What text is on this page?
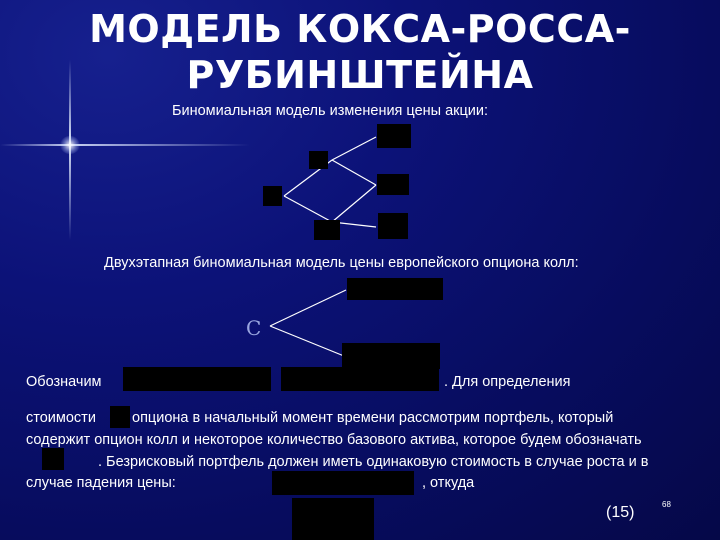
МОДЕЛЬ КОКСА-РОССА-
РУБИНШТЕЙНА
Биномиальная модель изменения цены акции:
Двухэтапная биномиальная модель цены европейского опциона колл:
C
Обозначим	. Для определения
стоимости опциона в начальный момент времени рассмотрим портфель, который
содержит опцион колл и некоторое количество базового актива, которое будем обозначать
. Безрисковый портфель должен иметь одинаковую стоимость в случае роста и в
случае падения цены:	, откуда
(15)	68
